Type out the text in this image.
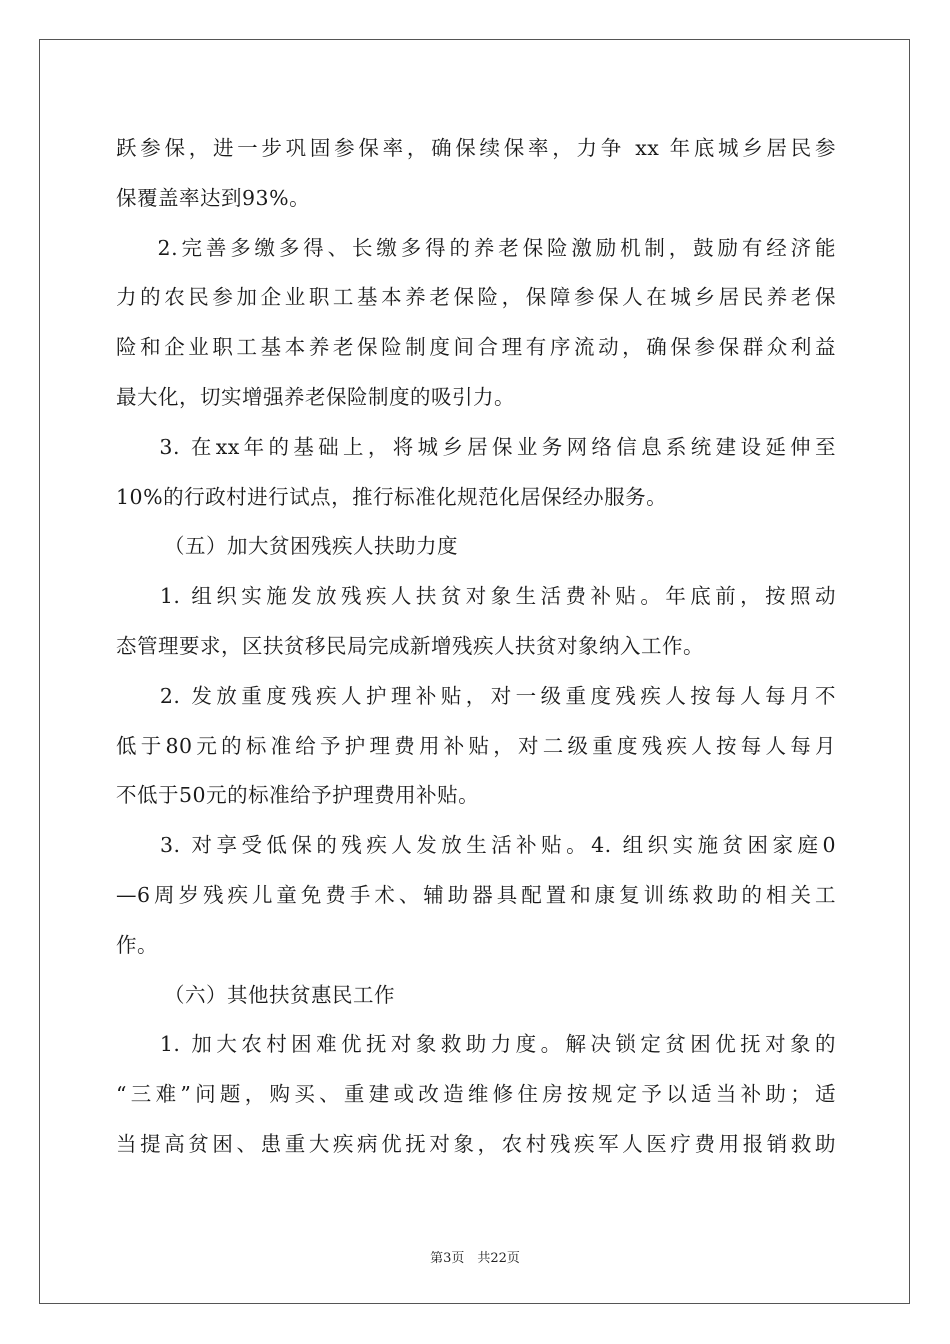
跃参保，进一步巩固参保率，确保续保率，力争 xx 年底城乡居民参
保覆盖率达到93%。
2.完善多缴多得、长缴多得的养老保险激励机制，鼓励有经济能
力的农民参加企业职工基本养老保险，保障参保人在城乡居民养老保
险和企业职工基本养老保险制度间合理有序流动，确保参保群众利益
最大化，切实增强养老保险制度的吸引力。
3. 在xx年的基础上，将城乡居保业务网络信息系统建设延伸至
10%的行政村进行试点，推行标准化规范化居保经办服务。
（五）加大贫困残疾人扶助力度
1. 组织实施发放残疾人扶贫对象生活费补贴。年底前，按照动
态管理要求，区扶贫移民局完成新增残疾人扶贫对象纳入工作。
2. 发放重度残疾人护理补贴，对一级重度残疾人按每人每月不
低于80元的标准给予护理费用补贴，对二级重度残疾人按每人每月
不低于50元的标准给予护理费用补贴。
3. 对享受低保的残疾人发放生活补贴。4. 组织实施贫困家庭0
—6周岁残疾儿童免费手术、辅助器具配置和康复训练救助的相关工
作。
（六）其他扶贫惠民工作
1. 加大农村困难优抚对象救助力度。解决锁定贫困优抚对象的
“三难”问题，购买、重建或改造维修住房按规定予以适当补助；适
当提高贫困、患重大疾病优抚对象，农村残疾军人医疗费用报销救助
第3页　共22页
